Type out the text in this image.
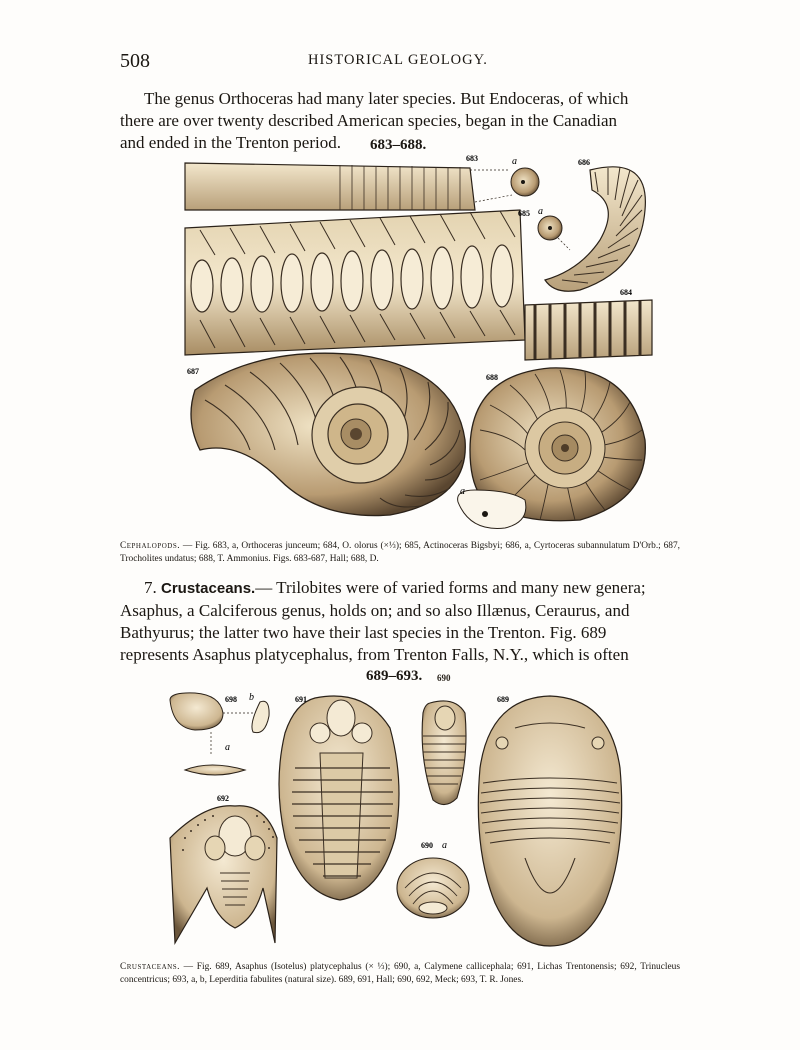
508	HISTORICAL GEOLOGY.

The genus Orthoceras had many later species. But Endoceras, of which

there are over twenty described American species, began in the Canadian

and ended in the Trenton period.	683–688.
683	a	686
685 a
684
687
688
a
Cephalopods. — Fig. 683, a, Orthoceras junceum; 684, O. olorus (×⅓); 685, Actinoceras Bigsbyi; 686, a, Cyrtoceras subannulatum D'Orb.; 687, Trocholites undatus; 688, T. Ammonius. Figs. 683-687, Hall; 688, D.

7. Crustaceans.— Trilobites were of varied forms and many new genera;

Asaphus, a Calciferous genus, holds on; and so also Illænus, Ceraurus, and

Bathyurus; the latter two have their last species in the Trenton. Fig. 689

represents Asaphus platycephalus, from Trenton Falls, N.Y., which is often

689–693. 690
698 b
a
691	689
692
690 a
Crustaceans. — Fig. 689, Asaphus (Isotelus) platycephalus (× ⅓); 690, a, Calymene callicephala; 691, Lichas Trentonensis; 692, Trinucleus concentricus; 693, a, b, Leperditia fabulites (natural size). 689, 691, Hall; 690, 692, Meck; 693, T. R. Jones.
